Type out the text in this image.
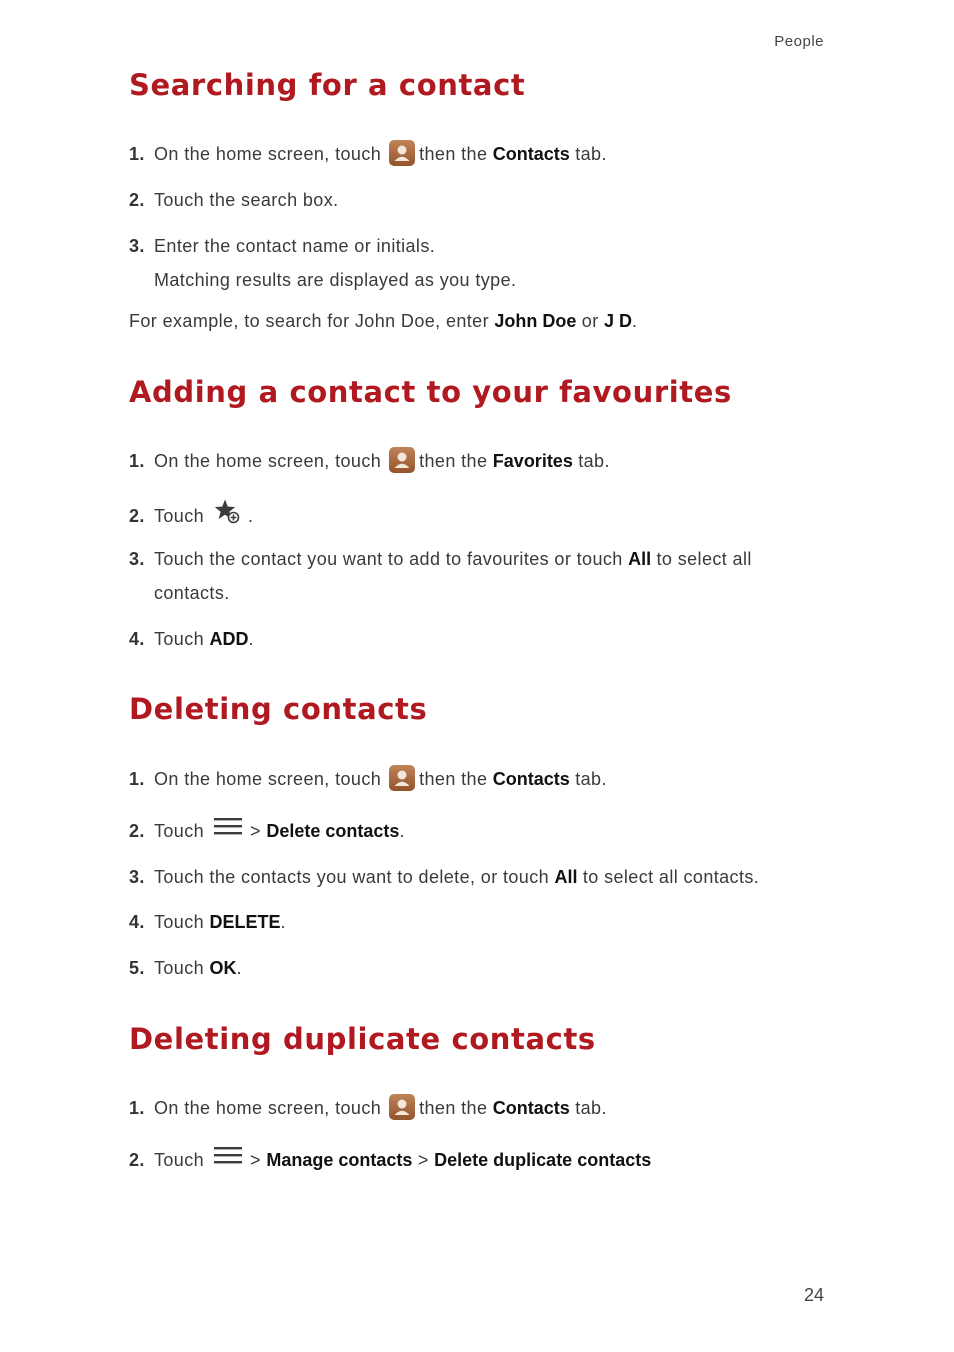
People
Searching for a contact
1. On the home screen, touch then the Contacts tab.
2. Touch the search box.
3. Enter the contact name or initials.
Matching results are displayed as you type.
For example, to search for John Doe, enter John Doe or J D.
Adding a contact to your favourites
1. On the home screen, touch then the Favorites tab.
2. Touch .
3. Touch the contact you want to add to favourites or touch All to select all
contacts.
4. Touch ADD.
Deleting contacts
1. On the home screen, touch then the Contacts tab.
2. Touch	> Delete contacts.
3. Touch the contacts you want to delete, or touch All to select all contacts.
4. Touch DELETE.
5. Touch OK.
Deleting duplicate contacts
1. On the home screen, touch then the Contacts tab.
2. Touch	> Manage contacts > Delete duplicate contacts
24
